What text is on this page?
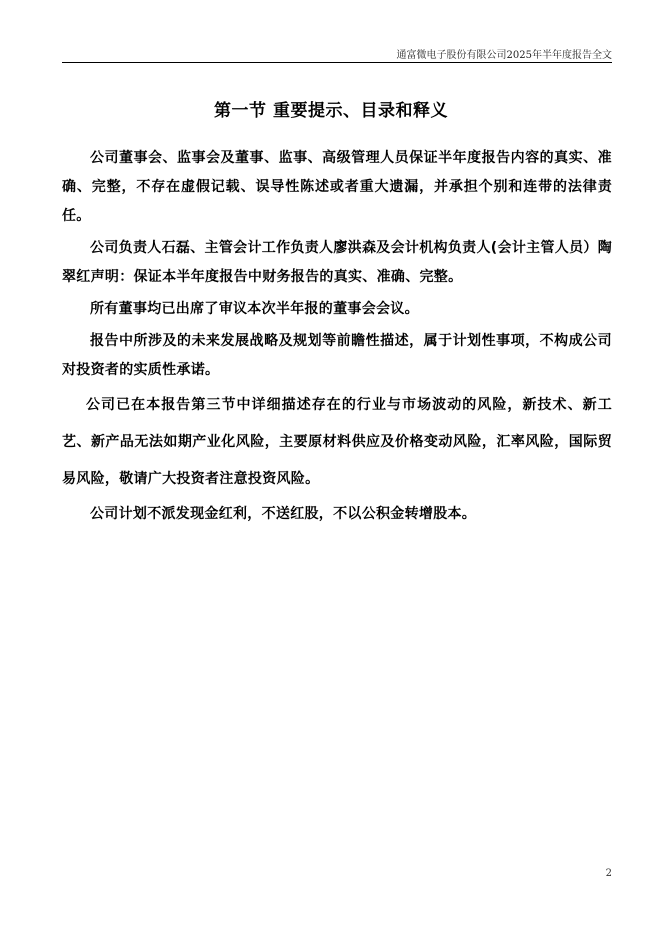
通富微电子股份有限公司2025年半年度报告全文
第一节 重要提示、目录和释义

公司董事会、监事会及董事、监事、高级管理人员保证半年度报告内容的真实、准确、完整，不存在虚假记载、误导性陈述或者重大遗漏，并承担个别和连带的法律责任。

公司负责人石磊、主管会计工作负责人廖洪森及会计机构负责人(会计主管人员）陶翠红声明：保证本半年度报告中财务报告的真实、准确、完整。

所有董事均已出席了审议本次半年报的董事会会议。

报告中所涉及的未来发展战略及规划等前瞻性描述，属于计划性事项，不构成公司对投资者的实质性承诺。

公司已在本报告第三节中详细描述存在的行业与市场波动的风险，新技术、新工艺、新产品无法如期产业化风险，主要原材料供应及价格变动风险，汇率风险，国际贸易风险，敬请广大投资者注意投资风险。

公司计划不派发现金红利，不送红股，不以公积金转增股本。

2
